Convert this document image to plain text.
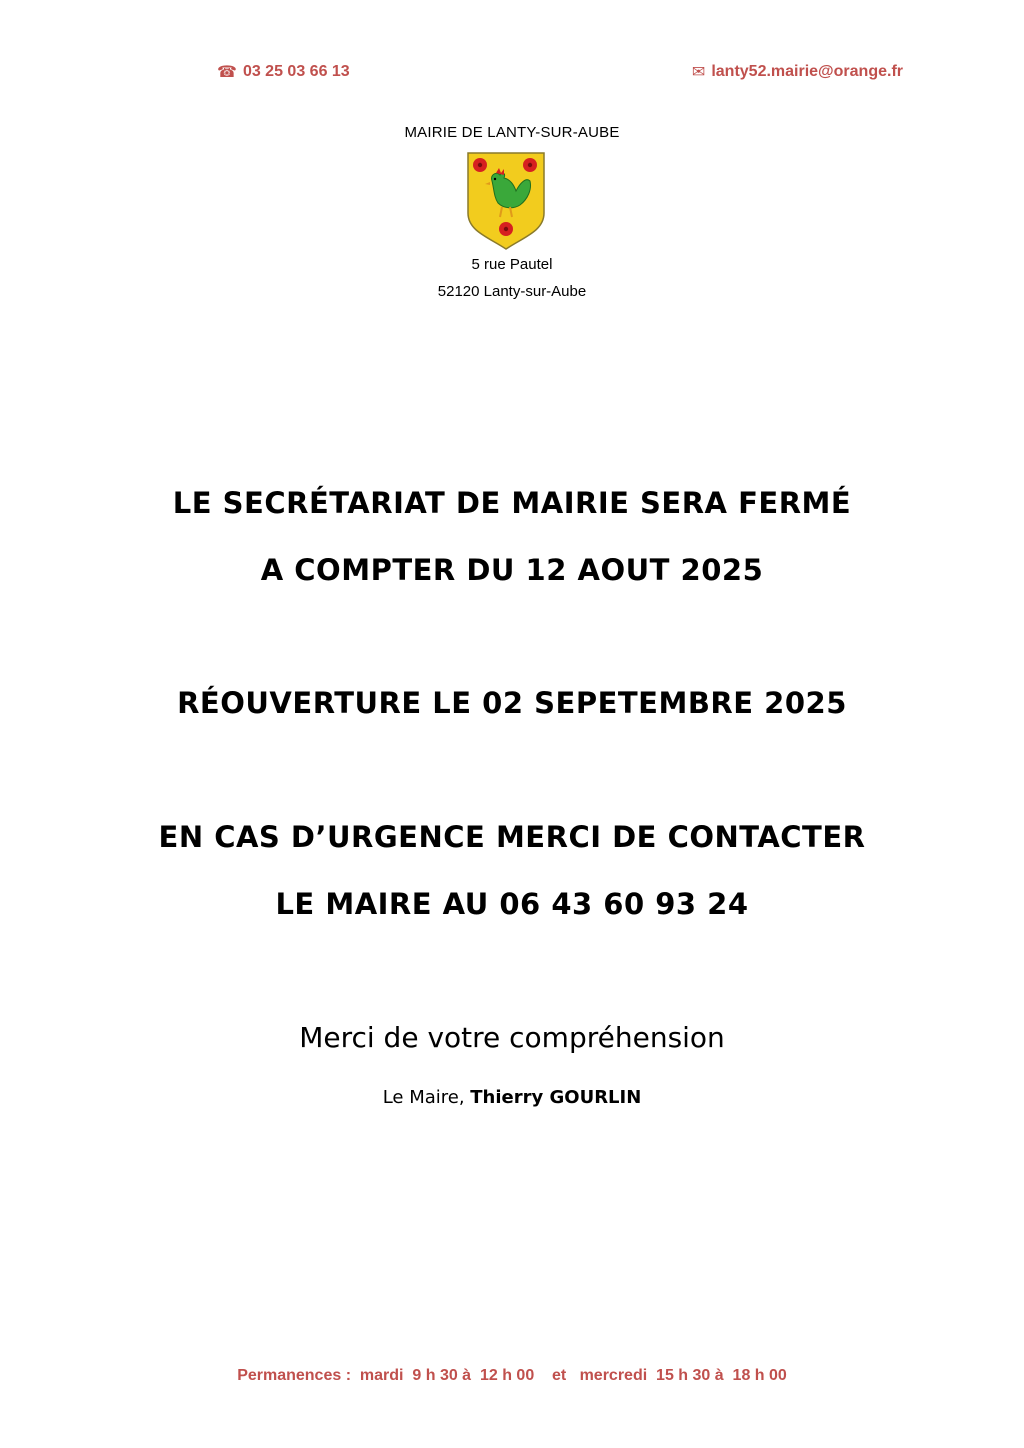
☎ 03 25 03 66 13	✉ lanty52.mairie@orange.fr
MAIRIE DE LANTY-SUR-AUBE
5 rue Pautel
52120 Lanty-sur-Aube
LE SECRÉTARIAT DE MAIRIE SERA FERMÉ
A COMPTER DU 12 AOUT 2025
RÉOUVERTURE LE 02 SEPETEMBRE 2025
EN CAS D’URGENCE MERCI DE CONTACTER
LE MAIRE AU 06 43 60 93 24
Merci de votre compréhension
Le Maire, Thierry GOURLIN
Permanences :  mardi  9 h 30 à  12 h 00    et   mercredi  15 h 30 à  18 h 00
